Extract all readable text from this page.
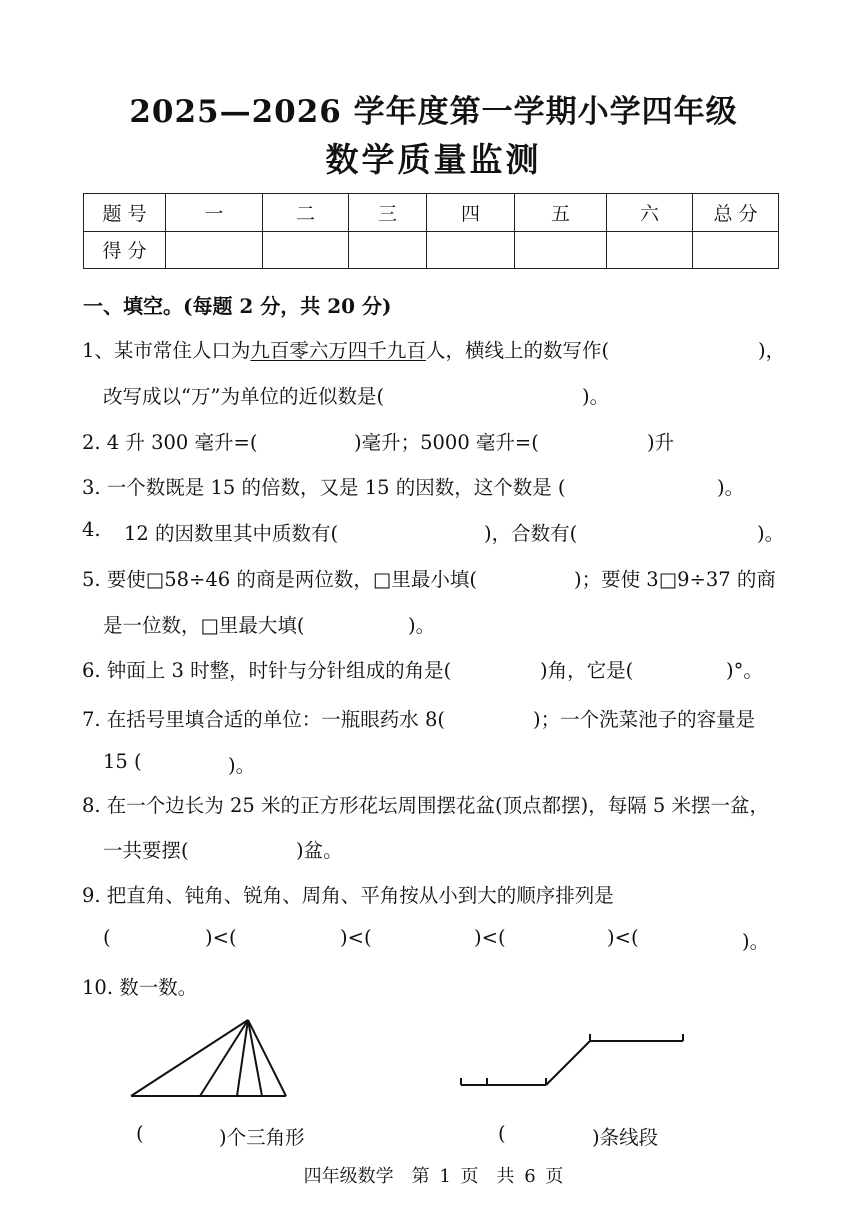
2025—2026 学年度第一学期小学四年级
数学质量监测
题 号	一	二	三	四	五	六	总 分
得 分							
一、填空。(每题 2 分，共 20 分)
1、某市常住人口为九百零六万四千九百人，横线上的数写作(	)，
改写成以“万”为单位的近似数是(	)。
2. 4 升 300 毫升=(	)毫升；5000 毫升=(	)升
3. 一个数既是 15 的倍数，又是 15 的因数，这个数是 (	)。
4. 12 的因数里其中质数有(	)，合数有(	)。
5. 要使□58÷46 的商是两位数，□里最小填(	)；要使 3□9÷37 的商
是一位数，□里最大填(	)。
6. 钟面上 3 时整，时针与分针组成的角是(	)角，它是(	)°。
7. 在括号里填合适的单位：一瓶眼药水 8(	)；一个洗菜池子的容量是
15 (	)。
8. 在一个边长为 25 米的正方形花坛周围摆花盆(顶点都摆)，每隔 5 米摆一盆，
一共要摆(	)盆。
9. 把直角、钝角、锐角、周角、平角按从小到大的顺序排列是
(	)<(	)<(	)<(	)<(	)。
10. 数一数。
(	)个三角形	(	)条线段
四年级数学　第 1 页　共 6 页
